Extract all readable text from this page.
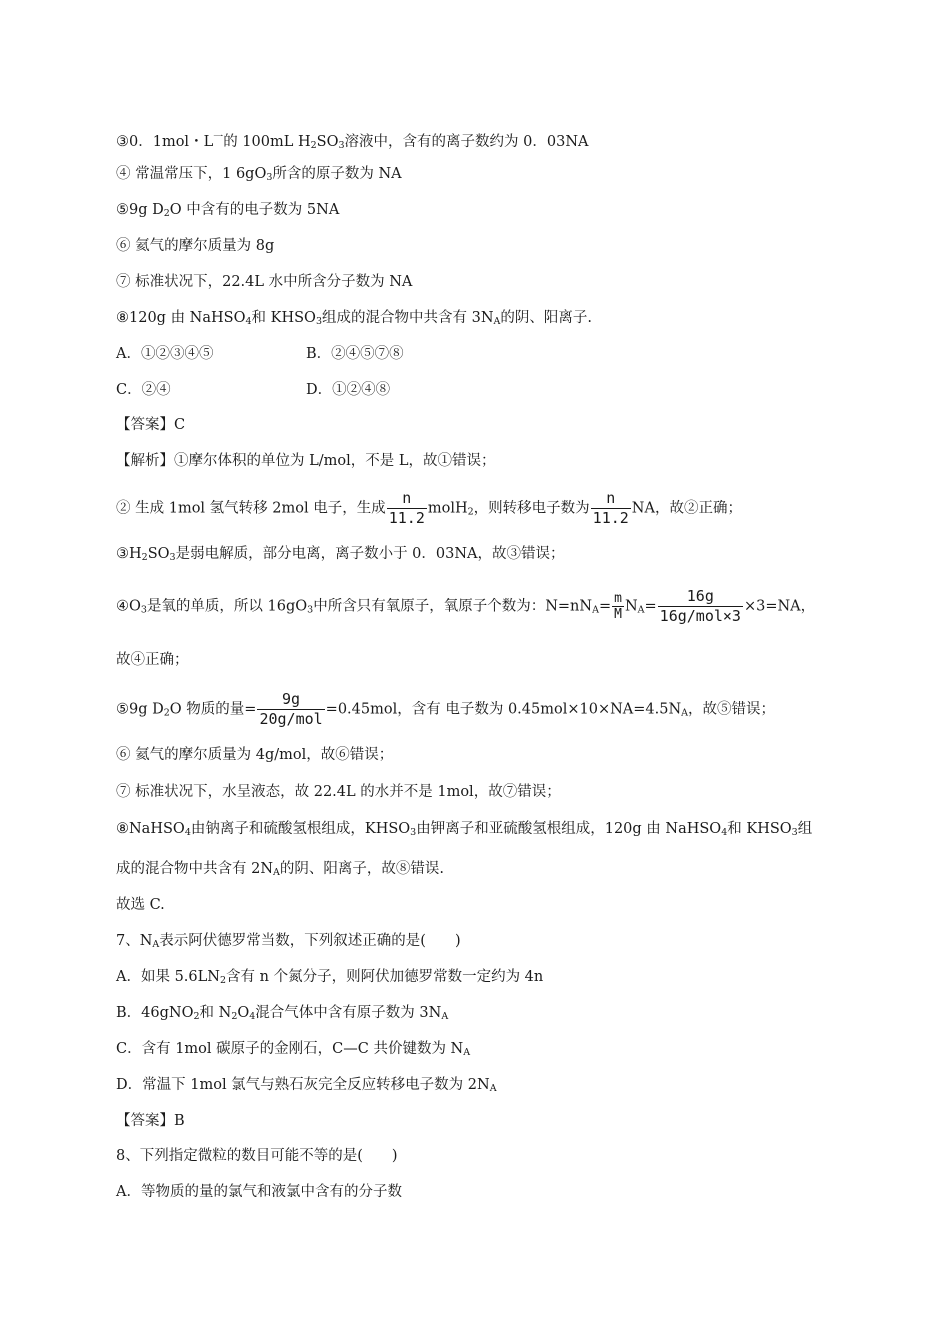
③0．1mol・$L^一$的 100mL $H_2SO_3$溶液中，含有的离子数约为 0．03NA
④ 常温常压下，1 $6gO_3$所含的原子数为 NA
⑤9g $D_2O$ 中含有的电子数为 5NA
⑥ 氦气的摩尔质量为 8g
⑦ 标准状况下，22.4L 水中所含分子数为 NA
⑧120g 由 NaHSO$_4$和 $KHSO_3$组成的混合物中共含有 $3N_A$的阴、阳离子.
A．①②③④⑤	B．②④⑤⑦⑧
C．②④	D．①②④⑧
【答案】C
【解析】①摩尔体积的单位为 L/mol，不是 L，故①错误；
② 生成 1mol 氢气转移 2mol 电子，生成 $\frac{n}{11.2}$ molH$_2$，则转移电子数为 $\frac{n}{11.2}$ NA，故②正确；
$③H_2SO_3$是弱电解质，部分电离，离子数小于 0．03NA，故③错误；
$④O_3$是氧的单质，所以 $16gO_3$中所含只有氧原子，氧原子个数为：$N=nN_A= \frac{m}{M} N_A= \frac{16g}{\text{16g/mol×3}} \times 3=NA$，
故④正确；
⑤9g $D_2O$ 物质的量= $\frac{9g}{\text{20g/mol}} =0.45mol$，含有 电子数为 $0.45mol\times 10\times NA=4.5N_A$，故⑤错误；
⑥ 氦气的摩尔质量为 4g/mol，故⑥错误；
⑦ 标准状况下，水呈液态，故 22.4L 的水并不是 1mol，故⑦错误；
⑧NaHSO$_4$由钠离子和硫酸氢根组成，$KHSO_3$由钾离子和亚硫酸氢根组成，120g 由 NaHSO$_4$和 $KHSO_3$组
成的混合物中共含有 $2N_A$的阴、阳离子，故⑧错误.
故选 C.
7、$N_A$表示阿伏德罗常当数，下列叙述正确的是(　　)
A．如果 $5.6LN_2$含有 n 个氮分子，则阿伏加德罗常数一定约为 4n
B．46gNO$_2$和 $N_2O_4$混合气体中含有原子数为 $3N_A$
C．含有 1mol 碳原子的金刚石，C—C 共价键数为 $N_A$
D．常温下 1mol 氯气与熟石灰完全反应转移电子数为 $2N_A$
【答案】B
8、下列指定微粒的数目可能不等的是(　　)
A．等物质的量的氯气和液氯中含有的分子数
